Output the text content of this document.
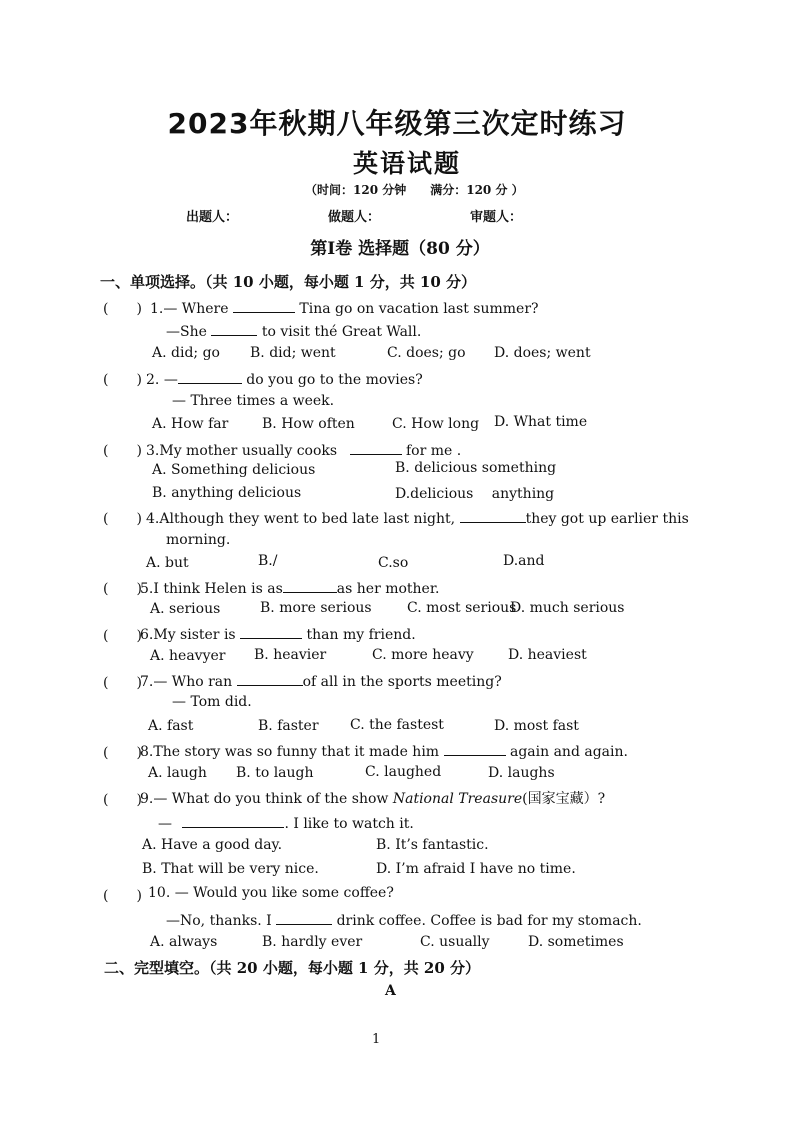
2023年秋期八年级第三次定时练习
英语试题
（时间：120 分钟　　满分：120 分 ）
出题人：	做题人：	审题人：
第Ⅰ卷 选择题（80 分）
一、单项选择。（共 10 小题，每小题 1 分，共 10 分）
(　　) 1.— Where	Tina go on vacation last summer?
—She	to visit thé Great Wall.
A. did; go B. did; went	C. does; go D. does; went
(　　) 2. —	do you go to the movies?
— Three times a week.
A. How far B. How often	C. How long D. What time
(　　) 3.My mother usually cooks	for me .
A. Something delicious	B. delicious something
B. anything delicious	D.delicious　 anything
(　　) 4.Although they went to bed late last night,	they got up earlier this
morning.
A. but	B./	C.so	D.and
(　　)
5.I think Helen is as	as her mother.
A. serious	B. more serious	C. most serious
D. much serious
(　　)
6.My sister is	than my friend.
A. heavyer B. heavier	C. more heavy D. heaviest
(　　)
7.— Who ran	of all in the sports meeting?
— Tom did.
A. fast	B. faster C. the fastest	D. most fast
(　　)
8.The story was so funny that it made him	again and again.
A. laugh B. to laugh	C. laughed	D. laughs
(　　)
9.— What do you think of the show National Treasure(国家宝藏）?
—	. I like to watch it.
A. Have a good day.	B. It’s fantastic.
B. That will be very nice.	D. I’m afraid I have no time.
(　　) 10. — Would you like some coffee?
—No, thanks. I	drink coffee. Coffee is bad for my stomach.
A. always	B. hardly ever	C. usually	D. sometimes
二、完型填空。（共 20 小题，每小题 1 分，共 20 分）
A
1
